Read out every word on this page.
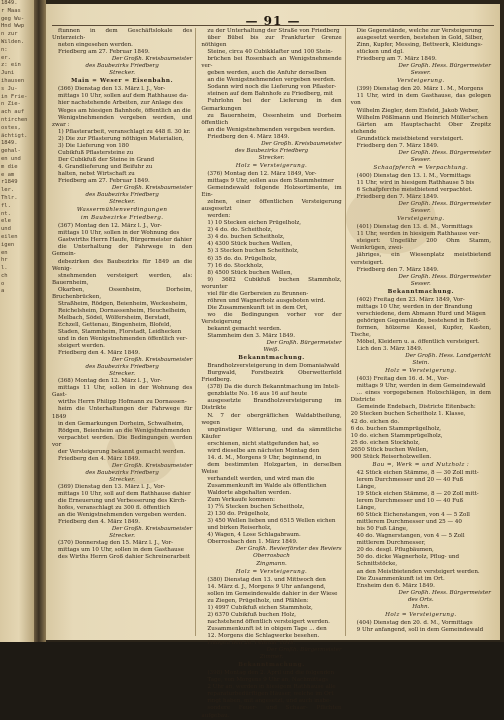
1849.
r Maas
geg Wu-
Hnd Wwp
n zur
Wilden.
n:
er.
z: ein
Juni
ihausen
s Ju-
in Frie-
n Zie-
ach auf
ntirchen
ostes,
ächtigt.
1849.
gehal-
en und
m die
e am
r1849
ler.
Thlr.
fl.
nt.
ele
und
eilen
igen
en
hr
l.
ch
o
a
— 91 —
ftunnen in dem Geschäftslokale des Unterzeich-
neten eingesehen werden.
Friedberg am 27. Februar 1849.
Der Großh. Kreisbaumeister
des Baubezirks Friedberg
Strecker.
Main = Weser = Eisenbahn.
(366) Dienstag den 13. März l. J., Vor-
mittags 10 Uhr, sollen auf dem Rathhause da-
hier nachstehende Arbeiten, zur Anlage des
Weges am hiesigen Bahnhofe, öffentlich an die
Wenigstnehmenden vergeben werden, und zwar :
1) Pflasterarbeit, veranschlagt zu 448 fl. 30 kr.
2) Die zur Pflasterung nöthigen Materialien,
3) Die Lieferung von 180
Cubikfuß Pflastersteine zu
Der Cubikfuß der Steine in Grand
4. Grandlieferung und Beifuhr zu
halten, nebst Wirtschaft zu
Friedberg am 27. Februar 1849.
Der Großh. Kreisbaumeister
des Baubezirks Friedberg
Strecker.
Wassermühlenverdingungen
im Baubezirke Friedberg.
(367) Montag den 12. März l. J., Vor-
mittags 10 Uhr, sollen in der Wohnung des
Gastwirths Herrn Haufe, Bürgermeister dahier
die Unterhaltung der Fahrwege in den Gemein-
debezirken des Baubezirks für 1849 an die Wenig-
stnehmenden versteigert werden, als: Bauernheim,
Okarben, Ossenheim, Dorheim, Bruchenbrücken,
Straßheim, Rödgen, Beienheim, Weckesheim,
Reichelsheim, Dornassenheim, Heuchelheim,
Melbach, Södel, Wölfersheim, Berstadt,
Echzell, Gettenau, Bingenheim, Blofeld,
Staden, Stammheim, Florstadt, Leidhecken
und in den Wenigstnehmenden öffentlich ver-
steigert werden.
Friedberg den 4. März 1849.
Der Großh. Kreisbaumeister
des Baubezirks Friedberg
Strecker.
(368) Montag den 12. März l. J., Vor-
mittags 11 Uhr, sollen in der Wohnung des Gast-
wirths Herrn Philipp Hofmann zu Dornassen-
heim die Unterhaltungen der Fahrwege für 1849
in den Gemarkungen Dorheim, Schwalheim,
Rödgen, Beienheim an die Wenigstnehmenden
verpachtet werden. Die Bedingungen werden vor
der Versteigerung bekannt gemacht werden.
Friedberg den 4. März 1849.
Der Großh. Kreisbaumeister
des Baubezirks Friedberg
Strecker.
(369) Dienstag den 13. März l. J., Vor-
mittags 10 Uhr, soll auf dem Rathhause dahier
die Erneuerung und Verbesserung des Kirch-
hofes, veranschlagt zu 300 fl. öffentlich
an die Wenigstnehmenden vergeben werden.
Friedberg den 4. März 1849.
Der Großh. Kreisbaumeister
Strecker.
(370) Donnerstag den 15. März l. J., Vor-
mittags um 10 Uhr, sollen in dem Gasthause
des Wirths Herrn Groß dahier Schreinerarbeit
zu der Unterhaltung der Straße von Friedberg
über Bübel bis zur Frankfurter Grenze nöthigen
Steine, circa 40 Cubikklafter und 100 Stein-
brüchen bei Rosenbach an Wenigstnehmende ver-
geben werden, auch die Anfuhr derselben
an die Wenigstnehmenden vergeben werden.
Sodann wird noch die Lieferung von Pflaster-
steinen auf dem Bahnhofe zu Friedberg, mit
Fuhrlohn bei der Lieferung in den Gemarkungen
zu Bauernheim, Ossenheim und Dorheim öffentlich
an die Wenigstnehmenden vergeben werden.
Friedberg den 4. März 1849.
Der Großh. Kreisbaumeister
des Baubezirks Friedberg
Strecker.
Holz = Versteigerung.
(376) Montag den 12. März 1849, Vor-
mittags 9 Uhr, sollen aus dem Stammheimer
Gemeindewald folgende Holzsortimente, im Ein-
zelnen, einer öffentlichen Versteigerung ausgesetzt
werden:
1) 10 Stecken eichen Prügelholz,
2) 4 do. do. Scheitholz,
3) 4 do. buchen Scheitholz,
4) 4300 Stück buchen Wellen,
5) 3 Stecken buchen Scheitholz,
6) 35 do. do. Prügelholz,
7) 16 do. Stockholz,
8) 4500 Stück buchen Wellen,
9) 3682 Cubikfuß buchen Stammholz, worunter
viel für die Gerbereien zu Brunnen-
röhren und Wagnerholz ausgeboten wird.
Die Zusammenkunft ist in dem Ort,
wo die Bedingungen vorher vor der Versteigerung
bekannt gemacht werden.
Stammheim den 3. März 1849.
Der Großh. Bürgermeister
Weiß.
Bekanntmachung.
Brandholzversteigerung in dem Domanialwald
Burgwald, Forstbezirk Oberwetterfeld Friedberg.
(378) Da die durch Bekanntmachung im Inteli-
genzblatte No. 16 aus 16 auf heute
ausgesetzte Brandholzversteigerung im Distrikte
N. 7 der obergräflichen Waldabtheilung, wegen
ungünstiger Witterung, und da sämmtliche Käufer
erschienen, nicht stattgefunden hat, so
wird dieselbe am nächsten Montag den
14. d. M., Morgens 9 Uhr, beginnend, in
dem bestimmten Holzgarten, in derselben Weise
verhandelt werden, und wird man die
Zusammenkunft im Walde als öffentlichen
Waldorte abgehalten werden.
Zum Verkaufe kommen:
1) 7¾ Stecken buchen Scheitholz,
2) 130 do. Prügelholz,
3) 450 Wellen lieben und 6515 Wellen eichen
und birken Reiserholz,
4) Wagen, 4 Lose Schlagabraum.
Oberrosbach den 1. März 1849.
Der Großh. Revierförster des Reviers
Oberrosbach
Zingmann.
Holz = Versteigerung.
(380) Dienstag den 13. und Mittwoch den
14. März d. J., Morgens 9 Uhr anfangend,
sollen im Gemeindewalde dahier in der Wiese
zu Ziegen, Prügelholz, und Pfählen:
1) 4997 Cubikfuß eichen Stammholz,
2) 6370 Cubikfuß buchen Holz,
nachstehend öffentlich versteigert werden.
Zusammenkunft ist in obigem Tage ... den
12. Morgens die Schlagwerke besehen.
Hungen den 28. Februar 1849.
Der Großh. Bürgermeister
Zimmer.
Bekanntmachung.
(398) Montag den 2. April und die folgenden
Tage, von Morgens 9 Uhr an, Nachmittags
2 Uhr an, werden in hiesigem Rathhause alle
reparaturbedürftigen Häuser, welche im Ort
ringt haben, mit angesetzt, und auch insbe-
sondere Feuer- und Schaar- Pflichten aufgebau.
Die Gegenstände, welche zur Versteigerung
ausgesetzt werden, bestehen in Gold, Silber,
Zinn, Kupfer, Messing, Bettwerk, Kleidungs-
stücken und dgl.
Friedberg am 7. März 1849.
Der Großh. Hess. Bürgermeister
Sesser.
Versteigerung.
(399) Dienstag den 20. März 1. M., Morgens
11 Uhr, wird in dem Gasthause, das gelegen von
Wilhelm Ziegler, dem Eisfeld, Jakob Weber,
Wilhelm Pößlmann und Heinrich Müller'schen
Gärten am Hauptschacht Ober Zrepitz stehende
Grundstück meistbietend versteigert.
Friedberg den 7. März 1849.
Der Großh. Hess. Bürgermeister
Sesser.
Schaafpferch = Verpachtung.
(400) Dienstag den 13. l. M., Vormittags
11 Uhr, wird in hiesigem Rathhause 5 bis
6 Schafpferche meistbietend verpachtet.
Friedberg den 7. März 1849.
Der Großh. Hess. Bürgermeister
Sesser.
Versteigerung.
(401) Dienstag den 13. d. M., Vormittags
11 Uhr, werden in hiesigem Rathhause ver-
steigert: Ungefähr 200 Ohm Stamm, Weinkrügen, zwei-
jähriges, ein Wiesenplatz meistbietend versteigert.
Friedberg den 7. März 1849.
Der Großh. Hess. Bürgermeister
Sesser.
Bekanntmachung.
(402) Freitag den 23. März 1849, Vor-
mittags 10 Uhr, werden in der Brandung
verschiedene, dem Abmann Hurd und Mägen
gehörigen Gegenstände, bestehend in Bett-
formen, hölzerne Kessel, Kupfer, Kasten, Tische,
Möbel, Kleidern u. a. öffentlich versteigert.
Lich den 3. März 1849.
Der Großh. Hess. Landgericht
Stein.
Holz = Versteigerung.
(403) Freitag den 16. d. M., Vor-
mittags 9 Uhr, werden in dem Gemeindewald
... eines vorgegebenen Holzschlägen, in dem Districte
Gemeinde Endebach, Districte Eitenbach:
20 Stecken buchen Scheitholz 1. Klasse,
42 do. eichen do.
6 do. buchen Stammprügelholz,
10 do. eichen Stammprügelholz,
25 do. eichen Stockholz,
2650 Stück buchen Wellen,
900 Stück Reiserholzwellen.
Bau =, Werk = und Nutzholz :
42 Stück eichen Stämme, 8 — 30 Zoll mitt-
lerem Durchmesser und 20 — 40 Fuß
Länge,
19 Stück eichen Stämme, 8 — 20 Zoll mitt-
lerem Durchmesser und 10 — 40 Fuß
Länge,
60 Stück Eichenstangen, von 4 — 5 Zoll
mittlerem Durchmesser und 25 — 40
bis 50 Fuß Länge,
40 do. Wagnerstangen, von 4 — 5 Zoll
mittlerem Durchmesser,
20 do. desgl. Pflugbäumen,
50 do. dicke Wagnerholz, Pflug- und
Schnittstöcke,
an den Meistbietenden versteigert werden.
Die Zusammenkunft ist im Ort.
Ensheim den 6. März 1849.
Der Großh. Hess. Bürgermeister
des Orts.
Hahn.
Holz = Versteigerung.
(404) Dienstag den 20. d. M., Vormittags
9 Uhr anfangend, soll in dem Gemeindewald
